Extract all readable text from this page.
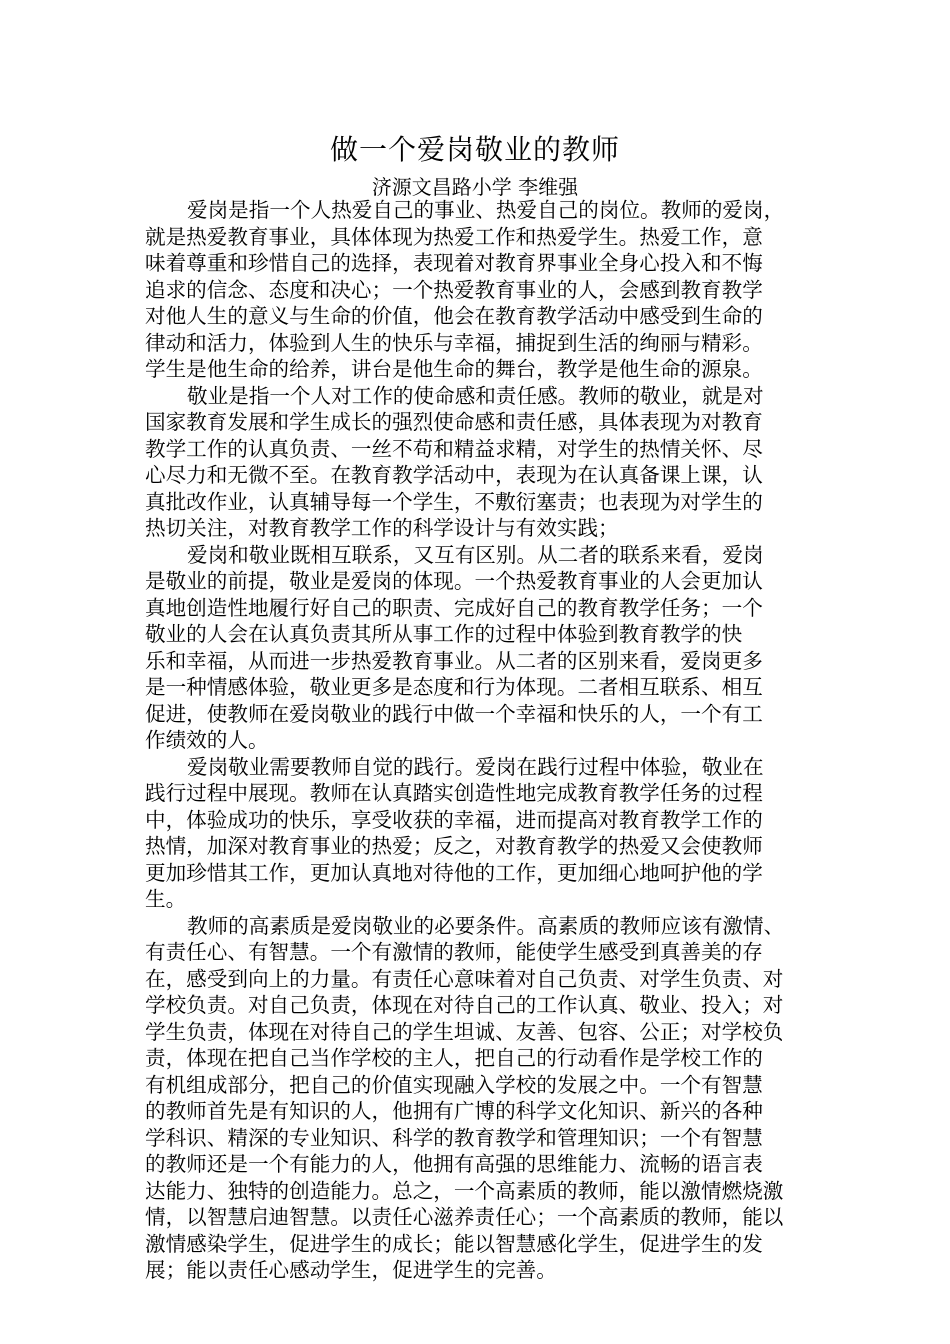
做一个爱岗敬业的教师
济源文昌路小学 李维强
爱岗是指一个人热爱自己的事业、热爱自己的岗位。教师的爱岗，
就是热爱教育事业，具体体现为热爱工作和热爱学生。热爱工作，意
味着尊重和珍惜自己的选择，表现着对教育界事业全身心投入和不悔
追求的信念、态度和决心；一个热爱教育事业的人，会感到教育教学
对他人生的意义与生命的价值，他会在教育教学活动中感受到生命的
律动和活力，体验到人生的快乐与幸福，捕捉到生活的绚丽与精彩。
学生是他生命的给养，讲台是他生命的舞台，教学是他生命的源泉。
敬业是指一个人对工作的使命感和责任感。教师的敬业，就是对
国家教育发展和学生成长的强烈使命感和责任感，具体表现为对教育
教学工作的认真负责、一丝不苟和精益求精，对学生的热情关怀、尽
心尽力和无微不至。在教育教学活动中，表现为在认真备课上课，认
真批改作业，认真辅导每一个学生，不敷衍塞责；也表现为对学生的
热切关注，对教育教学工作的科学设计与有效实践；
爱岗和敬业既相互联系，又互有区别。从二者的联系来看，爱岗
是敬业的前提，敬业是爱岗的体现。一个热爱教育事业的人会更加认
真地创造性地履行好自己的职责、完成好自己的教育教学任务；一个
敬业的人会在认真负责其所从事工作的过程中体验到教育教学的快
乐和幸福，从而进一步热爱教育事业。从二者的区别来看，爱岗更多
是一种情感体验，敬业更多是态度和行为体现。二者相互联系、相互
促进，使教师在爱岗敬业的践行中做一个幸福和快乐的人，一个有工
作绩效的人。
爱岗敬业需要教师自觉的践行。爱岗在践行过程中体验，敬业在
践行过程中展现。教师在认真踏实创造性地完成教育教学任务的过程
中，体验成功的快乐，享受收获的幸福，进而提高对教育教学工作的
热情，加深对教育事业的热爱；反之，对教育教学的热爱又会使教师
更加珍惜其工作，更加认真地对待他的工作，更加细心地呵护他的学
生。
教师的高素质是爱岗敬业的必要条件。高素质的教师应该有激情、
有责任心、有智慧。一个有激情的教师，能使学生感受到真善美的存
在，感受到向上的力量。有责任心意味着对自己负责、对学生负责、对
学校负责。对自己负责，体现在对待自己的工作认真、敬业、投入；对
学生负责，体现在对待自己的学生坦诚、友善、包容、公正；对学校负
责，体现在把自己当作学校的主人，把自己的行动看作是学校工作的
有机组成部分，把自己的价值实现融入学校的发展之中。一个有智慧
的教师首先是有知识的人，他拥有广博的科学文化知识、新兴的各种
学科识、精深的专业知识、科学的教育教学和管理知识；一个有智慧
的教师还是一个有能力的人，他拥有高强的思维能力、流畅的语言表
达能力、独特的创造能力。总之，一个高素质的教师，能以激情燃烧激
情，以智慧启迪智慧。以责任心滋养责任心；一个高素质的教师，能以
激情感染学生，促进学生的成长；能以智慧感化学生，促进学生的发
展；能以责任心感动学生，促进学生的完善。
